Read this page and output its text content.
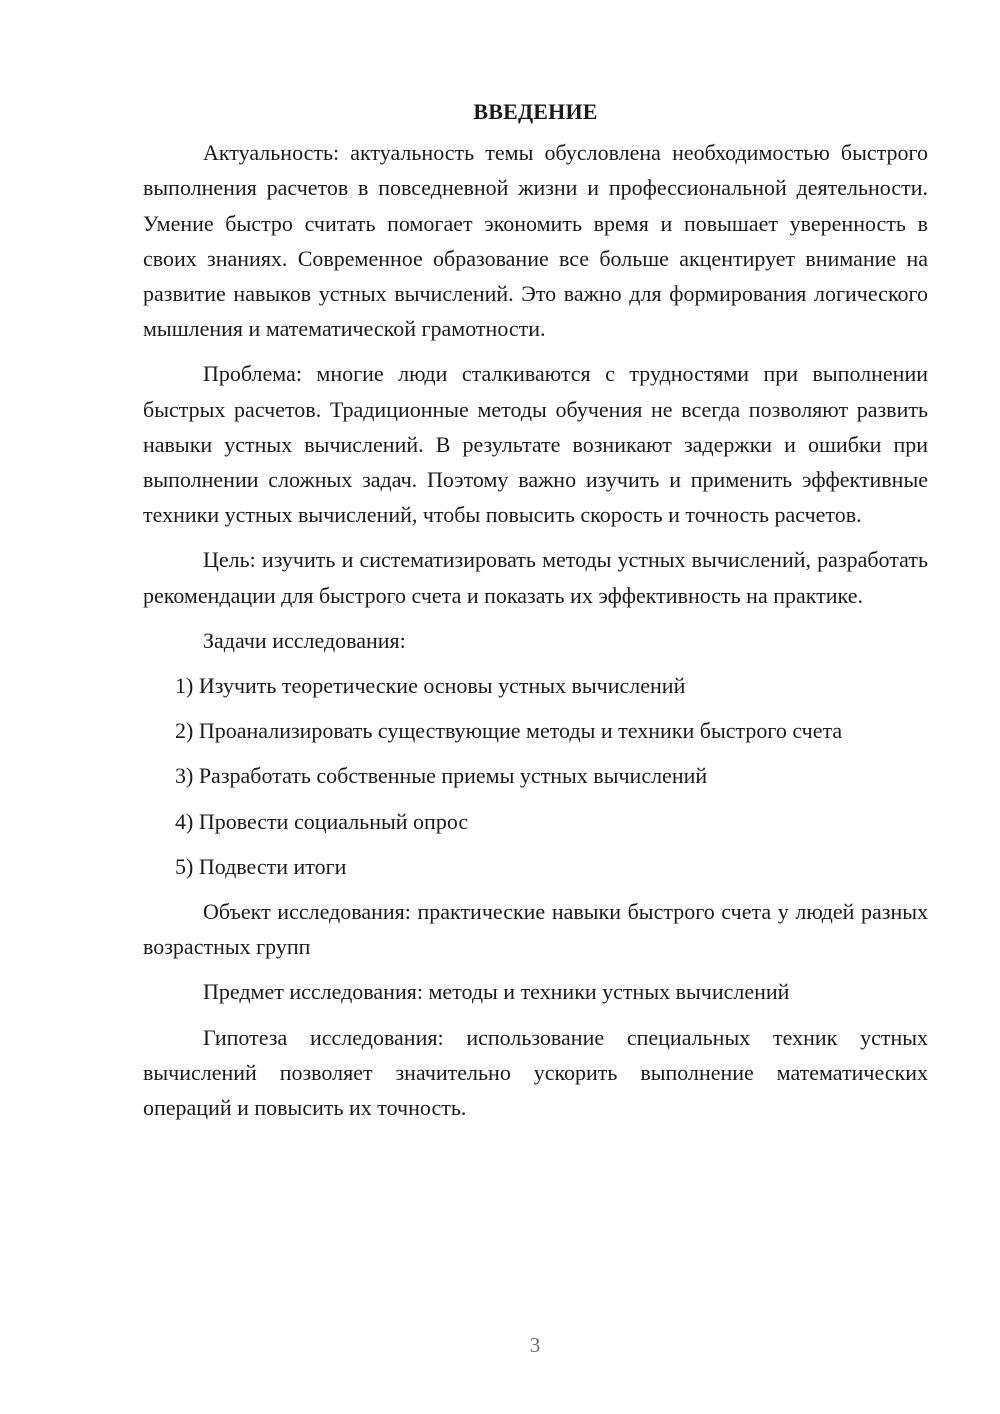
ВВЕДЕНИЕ

Актуальность: актуальность темы обусловлена необходимостью быстрого выполнения расчетов в повседневной жизни и профессиональной деятельности. Умение быстро считать помогает экономить время и повышает уверенность в своих знаниях. Современное образование все больше акцентирует внимание на развитие навыков устных вычислений. Это важно для формирования логического мышления и математической грамотности.

Проблема: многие люди сталкиваются с трудностями при выполнении быстрых расчетов. Традиционные методы обучения не всегда позволяют развить навыки устных вычислений. В результате возникают задержки и ошибки при выполнении сложных задач. Поэтому важно изучить и применить эффективные техники устных вычислений, чтобы повысить скорость и точность расчетов.

Цель: изучить и систематизировать методы устных вычислений, разработать рекомендации для быстрого счета и показать их эффективность на практике.

Задачи исследования:

1) Изучить теоретические основы устных вычислений

2) Проанализировать существующие методы и техники быстрого счета

3) Разработать собственные приемы устных вычислений

4) Провести социальный опрос

5) Подвести итоги

Объект исследования: практические навыки быстрого счета у людей разных возрастных групп

Предмет исследования: методы и техники устных вычислений

Гипотеза исследования: использование специальных техник устных вычислений позволяет значительно ускорить выполнение математических операций и повысить их точность.

3
